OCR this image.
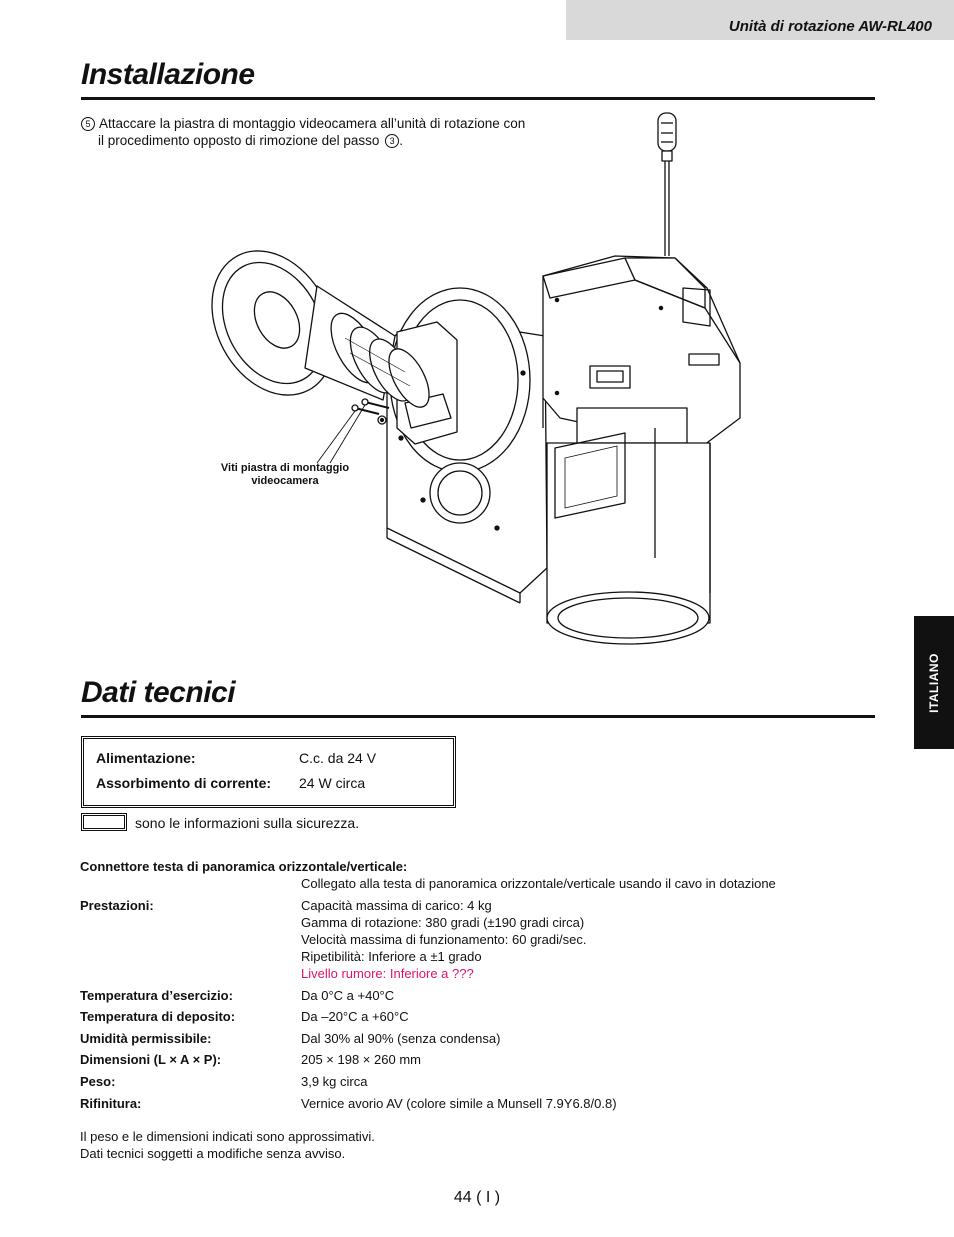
Unità di rotazione AW-RL400
Installazione
5 Attaccare la piastra di montaggio videocamera all’unità di rotazione con
il procedimento opposto di rimozione del passo 3 .
Viti piastra di montaggio
videocamera
ITALIANO
Dati tecnici
Alimentazione:	C.c. da 24 V
Assorbimento di corrente: 24 W circa
sono le informazioni sulla sicurezza.
Connettore testa di panoramica orizzontale/verticale:
Collegato alla testa di panoramica orizzontale/verticale usando il cavo in dotazione
Prestazioni:	Capacità massima di carico: 4 kg
Gamma di rotazione: 380 gradi (±190 gradi circa)
Velocità massima di funzionamento: 60 gradi/sec.
Ripetibilità: Inferiore a ±1 grado
Livello rumore: Inferiore a ???
Temperatura d’esercizio:	Da 0°C a +40°C
Temperatura di deposito:	Da –20°C a +60°C
Umidità permissibile:	Dal 30% al 90% (senza condensa)
Dimensioni (L × A × P):	205 × 198 × 260 mm
Peso:	3,9 kg circa
Rifinitura:	Vernice avorio AV (colore simile a Munsell 7.9Y6.8/0.8)
Il peso e le dimensioni indicati sono approssimativi.
Dati tecnici soggetti a modifiche senza avviso.
44 ( I )
